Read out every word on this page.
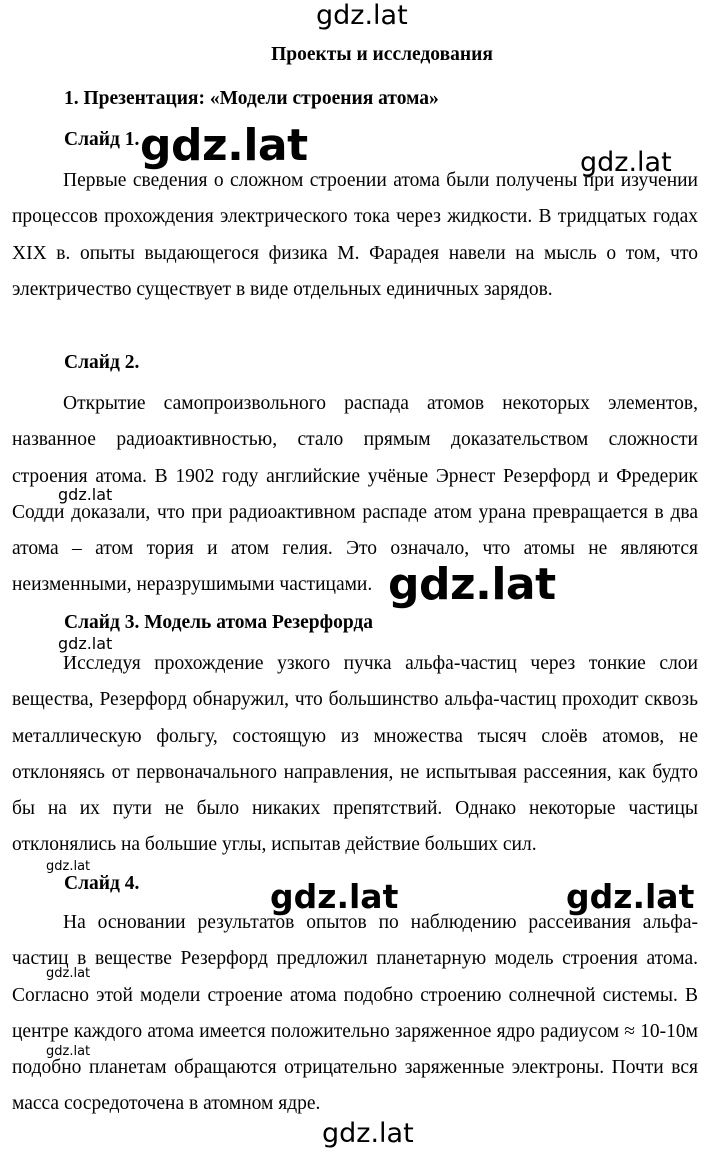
Проекты и исследования
1. Презентация: «Модели строения атома»
Слайд 1.
Первые сведения о сложном строении атома были получены при изучении процессов прохождения электрического тока через жидкости. В тридцатых годах XIX в. опыты выдающегося физика М. Фарадея навели на мысль о том, что электричество существует в виде отдельных единичных зарядов.
Слайд 2.
Открытие самопроизвольного распада атомов некоторых элементов, названное радиоактивностью, стало прямым доказательством сложности строения атома. В 1902 году английские учёные Эрнест Резерфорд и Фредерик Содди доказали, что при радиоактивном распаде атом урана превращается в два атома – атом тория и атом гелия. Это означало, что атомы не являются неизменными, неразрушимыми частицами.
Слайд 3. Модель атома Резерфорда
Исследуя прохождение узкого пучка альфа-частиц через тонкие слои вещества, Резерфорд обнаружил, что большинство альфа-частиц проходит сквозь металлическую фольгу, состоящую из множества тысяч слоёв атомов, не отклоняясь от первоначального направления, не испытывая рассеяния, как будто бы на их пути не было никаких препятствий. Однако некоторые частицы отклонялись на большие углы, испытав действие больших сил.
Слайд 4.
На основании результатов опытов по наблюдению рассеивания альфа-частиц в веществе Резерфорд предложил планетарную модель строения атома. Согласно этой модели строение атома подобно строению солнечной системы. В центре каждого атома имеется положительно заряженное ядро радиусом ≈ 10-10м подобно планетам обращаются отрицательно заряженные электроны. Почти вся масса сосредоточена в атомном ядре.
gdz.lat
gdz.lat	gdz.lat
gdz.lat
gdz.lat
gdz.lat
gdz.lat
gdz.lat	gdz.lat
gdz.lat
gdz.lat
gdz.lat
